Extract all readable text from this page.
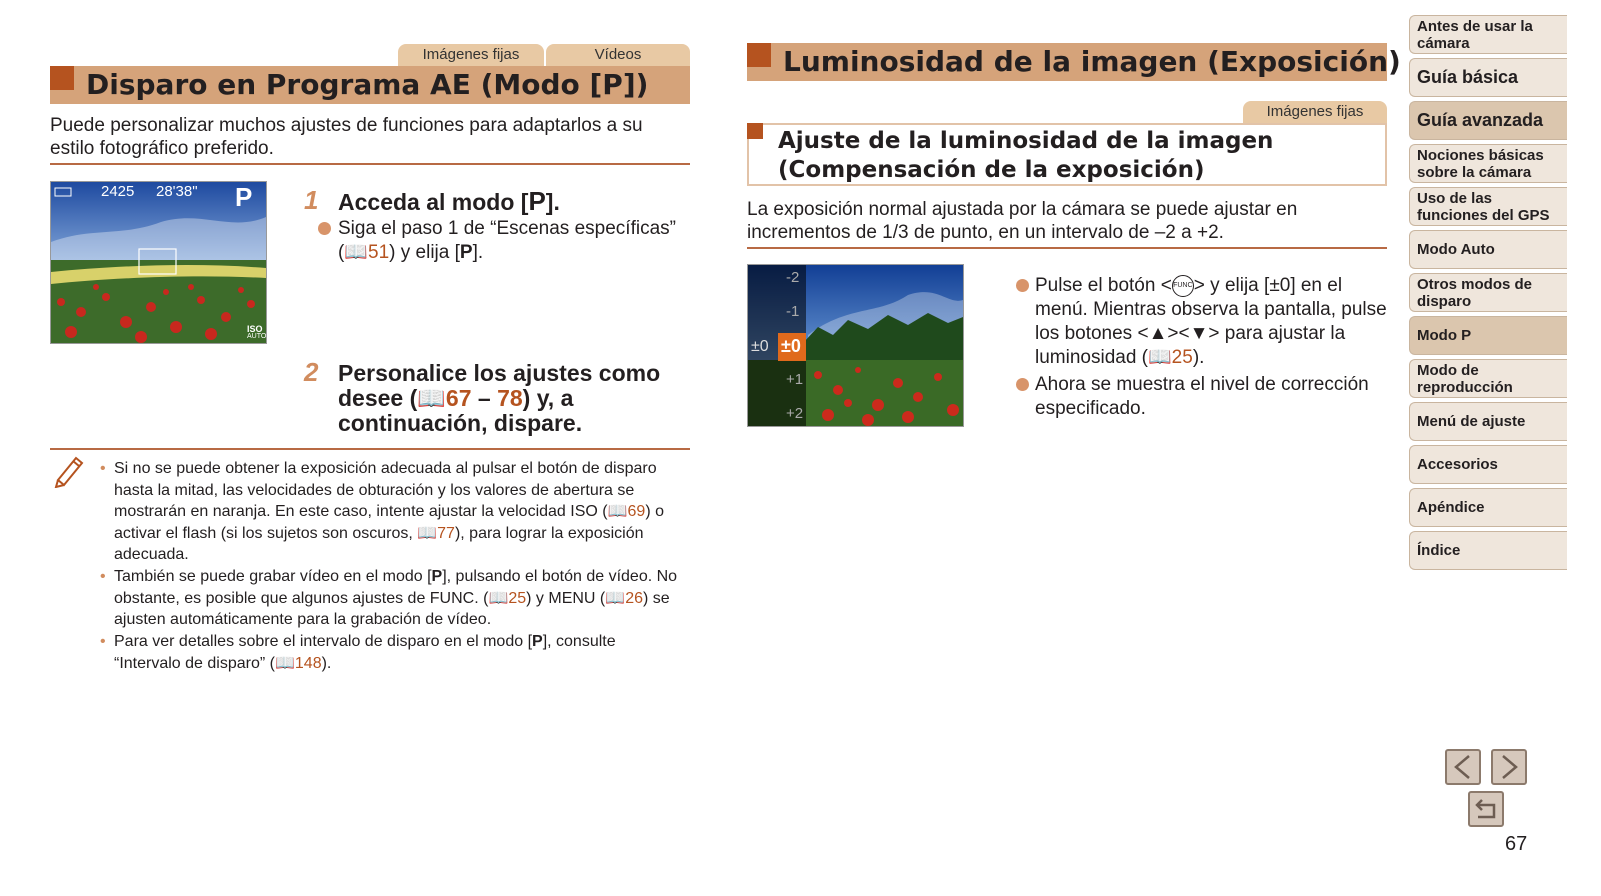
Imágenes fijas	Vídeos
Disparo en Programa AE (Modo [P])
Puede personalizar muchos ajustes de funciones para adaptarlos a su estilo fotográfico preferido.
2425 28'38" P
ISO
AUTO
1 Acceda al modo [P].
Siga el paso 1 de “Escenas específicas” (📖51) y elija [P].
2 Personalice los ajustes como
desee (📖67 – 78) y, a
continuación, dispare.
• Si no se puede obtener la exposición adecuada al pulsar el botón de disparo hasta la mitad, las velocidades de obturación y los valores de abertura se mostrarán en naranja. En este caso, intente ajustar la velocidad ISO (📖69) o activar el flash (si los sujetos son oscuros, 📖77), para lograr la exposición adecuada.
• También se puede grabar vídeo en el modo [P], pulsando el botón de vídeo. No obstante, es posible que algunos ajustes de FUNC. (📖25) y MENU (📖26) se ajusten automáticamente para la grabación de vídeo.
• Para ver detalles sobre el intervalo de disparo en el modo [P], consulte “Intervalo de disparo” (📖148).
Luminosidad de la imagen (Exposición)
Imágenes fijas
Ajuste de la luminosidad de la imagen
(Compensación de la exposición)
La exposición normal ajustada por la cámara se puede ajustar en incrementos de 1/3 de punto, en un intervalo de –2 a +2.
-2
-1
±0
+1
+2
±0
Pulse el botón <FUNC> y elija [±0] en el menú. Mientras observa la pantalla, pulse los botones <▲><▼> para ajustar la luminosidad (📖25).
Ahora se muestra el nivel de corrección especificado.
Antes de usar la cámara
Guía básica
Guía avanzada
Nociones básicas sobre la cámara
Uso de las funciones del GPS
Modo Auto
Otros modos de disparo
Modo P
Modo de reproducción
Menú de ajuste
Accesorios
Apéndice
Índice
67
